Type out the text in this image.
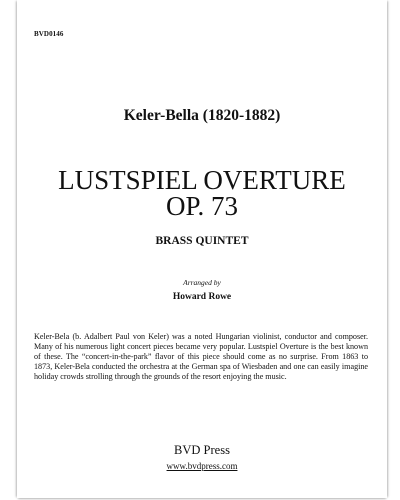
BVD0146
Keler-Bella (1820-1882)
LUSTSPIEL OVERTURE
OP. 73
BRASS QUINTET
Arranged by
Howard Rowe
Keler-Bela (b. Adalbert Paul von Keler) was a noted Hungarian violinist, conductor and composer. Many of his numerous light concert pieces became very popular. Lustspiel Overture is the best known of these. The “concert-in-the-park” flavor of this piece should come as no surprise. From 1863 to 1873, Keler-Bela conducted the orchestra at the German spa of Wiesbaden and one can easily imagine holiday crowds strolling through the grounds of the resort enjoying the music.
BVD Press
www.bvdpress.com
